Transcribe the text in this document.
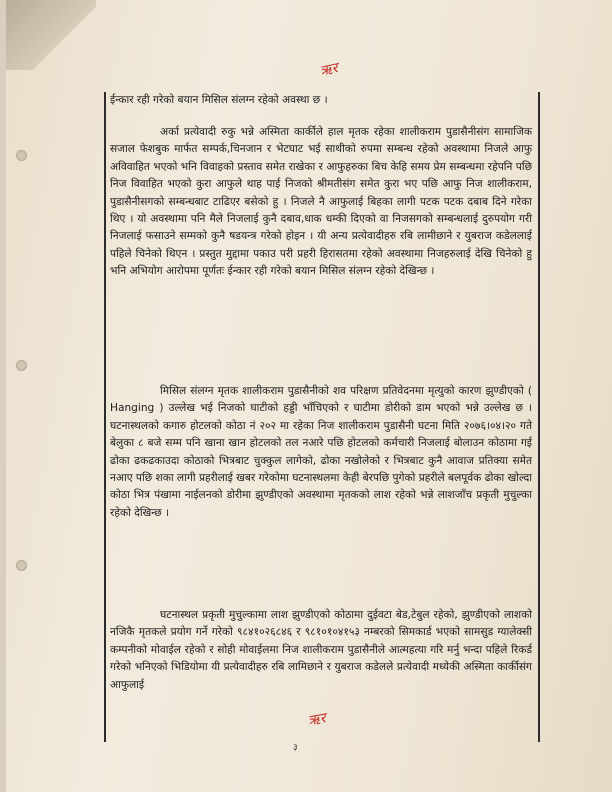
ऋर

ईन्कार रही गरेको बयान मिसिल संलग्न रहेको अवस्था छ ।

अर्का प्रत्येवादी रुकु भन्ने अस्मिता कार्कीले हाल मृतक रहेका शालीकराम पुडासैनीसंग सामाजिक सजाल फेशबुक मार्फत सम्पर्क,चिनजान र भेटघाट भई साथीको रुपमा सम्बन्ध रहेको अवस्थामा निजले आफु अविवाहित भएको भनि विवाहको प्रस्ताव समेत राखेका र आफुहरुका बिच केहि समय प्रेम सम्बन्धमा रहेपनि पछि निज विवाहित भएको कुरा आफुले थाह पाई निजको श्रीमतीसंग समेत कुरा भए पछि आफु निज शालीकराम, पुडासैनीसगको सम्बन्धबाट टाढिएर बसेको हु । निजले नै आफुलाई बिहका लागी पटक पटक दबाब दिने गरेका थिए । यो अवस्थामा पनि मैले निजलाई कुनै दबाव,धाक धम्की दिएको वा निजसगको सम्बन्धलाई दुरुपयोग गरी निजलाई फसाउने सम्मको कुनै षडयन्त्र गरेको होइन । यी अन्य प्रत्येवादीहरु रबि लामीछाने र युबराज कडेललाई पहिले चिनेको थिएन । प्रस्तुत मुद्दामा पकाउ परी प्रहरी हिरासतमा रहेको अवस्थामा निजहरुलाई देखि चिनेको हु भनि अभियोग आरोपमा पूर्णतः ईन्कार रही गरेको बयान मिसिल संलग्न रहेको देखिन्छ ।

मिसिल संलग्न मृतक शालीकराम पुडासैनीको शव परिक्षण प्रतिवेदनमा मृत्युको कारण झुण्डीएको ( Hanging ) उल्लेख भई निजको घाटीको हड्डी भाँचिएको र घाटीमा डोरीको डाम भएको भन्ने उल्लेख छ । घटनास्थलको कगारु होटलको कोठा नं २०२ मा रहेका निज शालीकराम पुडासैनी घटना मिति २०७६।०४।२० गते बेलुका ८ बजे सम्म पनि खाना खान होटलको तल नआरे पछि होटलको कर्मचारी निजलाई बोलाउन कोठामा गई ढोका ढकढकाउदा कोठाको भित्रबाट चुक्कुल लागेको, ढोका नखोलेको र भित्रबाट कुनै आवाज प्रतिक्या समेत नआए पछि शका लागी प्रहरीलाई खबर गरेकोमा घटनास्थलमा केही बेरपछि पुगेको प्रहरीले बलपूर्वक ढोका खोल्दा कोठा भित्र पंखामा नाईलनको डोरीमा झुण्डीएको अवस्थामा मृतकको लाश रहेको भन्ने लाशजाँच प्रकृती मुचुल्का रहेको देखिन्छ ।

घटनास्थल प्रकृती मुचुल्कामा लाश झुण्डीएको कोठामा दुईवटा बेड,टेबुल रहेको, झुण्डीएको लाशको नजिकै मृतकले प्रयोग गर्ने गरेको ९८४१०२६८४६ र ९८१०१०४१५३ नम्बरको सिमकार्ड भएको सामसुड ग्यालेक्सी कम्पनीको मोवाईल रहेको र सोही मोवाईलमा निज शालीकराम पुडासैनीले आत्महत्या गरि मर्नु भन्दा पहिले रिकर्ड गरेको भनिएको भिडियोमा यी प्रत्येवादीहरु रबि लामिछाने र युबराज कडेलले प्रत्येवादी मध्येकी अस्मिता कार्कीसंग आफुलाई

ऋर
३
